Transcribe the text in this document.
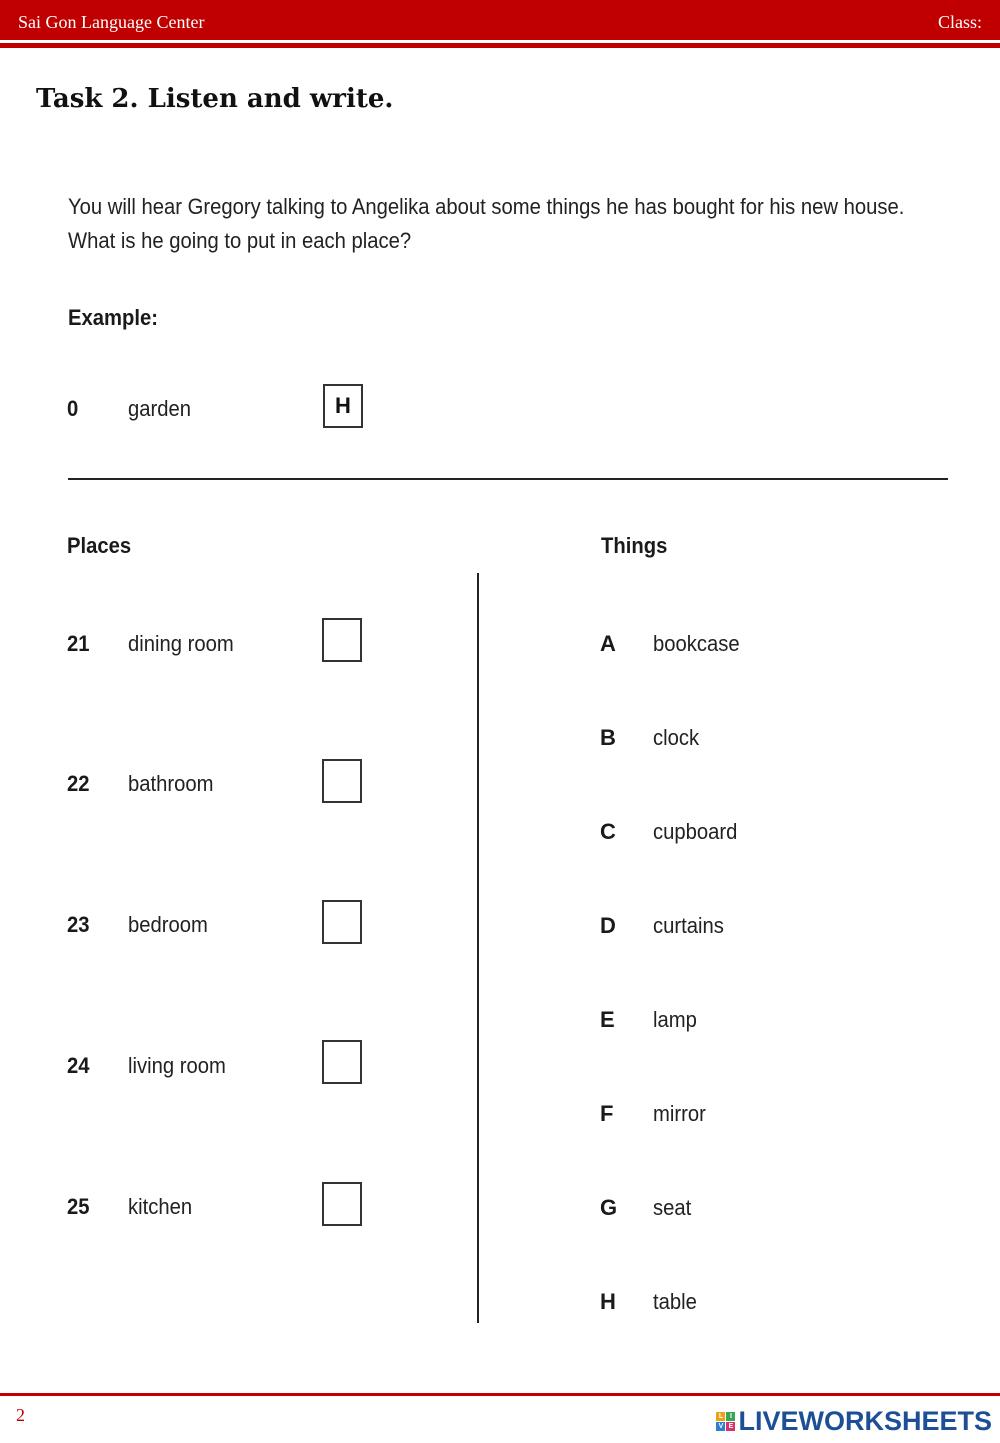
Sai Gon Language Center	Class:
Task 2. Listen and write.
You will hear Gregory talking to Angelika about some things he has bought for his new house.
What is he going to put in each place?
Example:
0 garden	H
Places
21 dining room
22 bathroom
23 bedroom
24 living room
25 kitchen
Things
A bookcase
B clock
C cupboard
D curtains
E lamp
F mirror
G seat
H table
2	L I
V E LIVEWORKSHEETS
